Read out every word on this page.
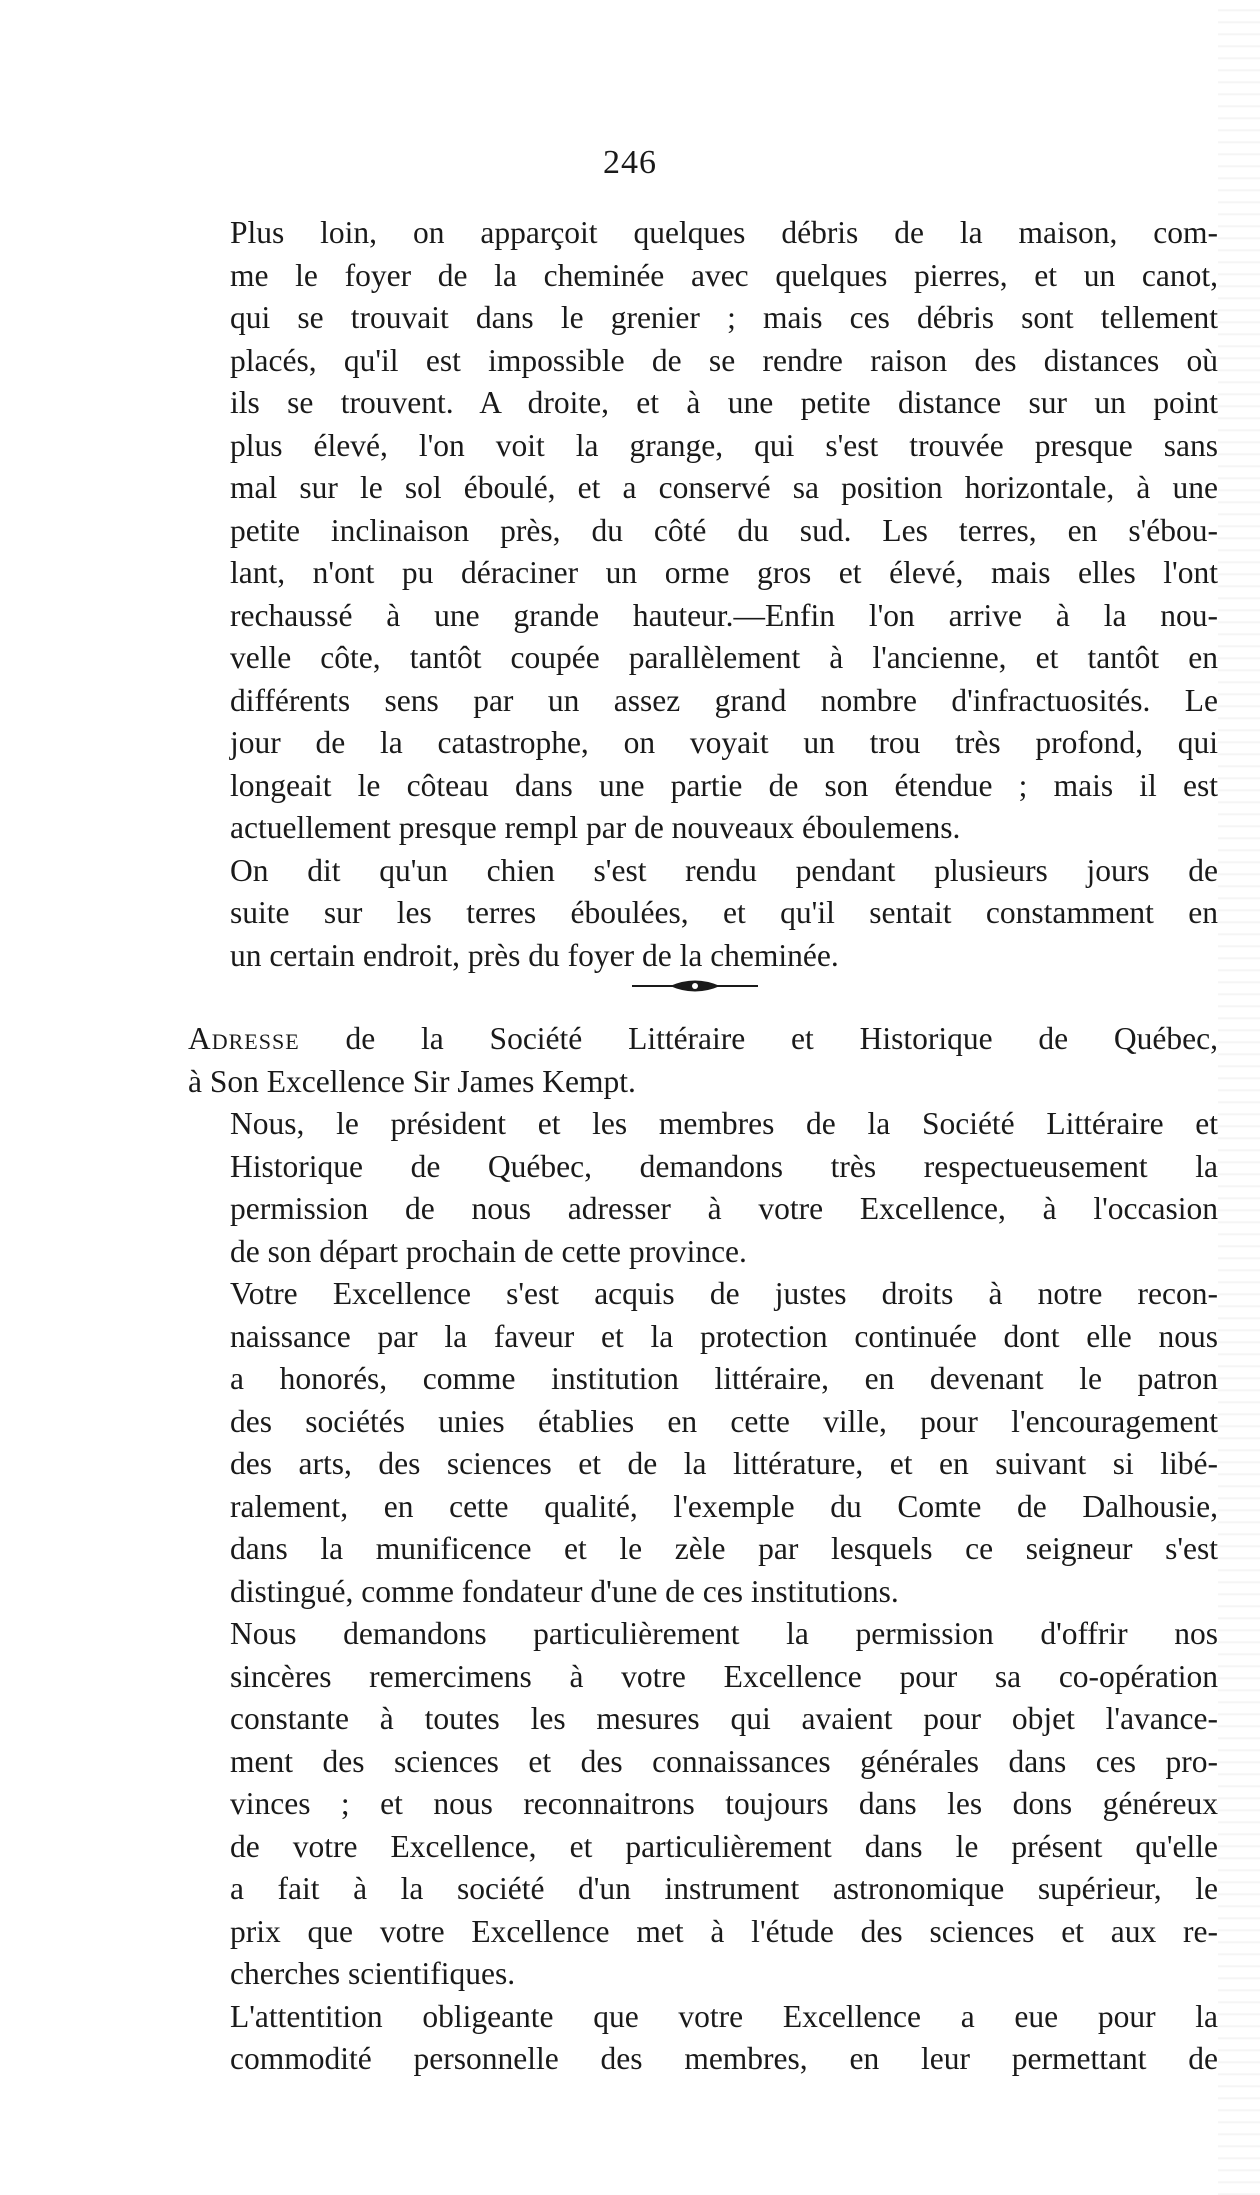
246

Plus loin, on apparçoit quelques débris de la maison, com-
me le foyer de la cheminée avec quelques pierres, et un canot,
qui se trouvait dans le grenier ; mais ces débris sont tellement
placés, qu'il est impossible de se rendre raison des distances où
ils se trouvent. A droite, et à une petite distance sur un point
plus élevé, l'on voit la grange, qui s'est trouvée presque sans
mal sur le sol éboulé, et a conservé sa position horizontale, à une
petite inclinaison près, du côté du sud. Les terres, en s'ébou-
lant, n'ont pu déraciner un orme gros et élevé, mais elles l'ont
rechaussé à une grande hauteur.—Enfin l'on arrive à la nou-
velle côte, tantôt coupée parallèlement à l'ancienne, et tantôt en
différents sens par un assez grand nombre d'infractuosités. Le
jour de la catastrophe, on voyait un trou très profond, qui
longeait le côteau dans une partie de son étendue ; mais il est
actuellement presque rempl par de nouveaux éboulemens.

On dit qu'un chien s'est rendu pendant plusieurs jours de
suite sur les terres éboulées, et qu'il sentait constamment en
un certain endroit, près du foyer de la cheminée.

Adresse de la Société Littéraire et Historique de Québec,
à Son Excellence Sir James Kempt.

Nous, le président et les membres de la Société Littéraire et
Historique de Québec, demandons très respectueusement la
permission de nous adresser à votre Excellence, à l'occasion
de son départ prochain de cette province.

Votre Excellence s'est acquis de justes droits à notre recon-
naissance par la faveur et la protection continuée dont elle nous
a honorés, comme institution littéraire, en devenant le patron
des sociétés unies établies en cette ville, pour l'encouragement
des arts, des sciences et de la littérature, et en suivant si libé-
ralement, en cette qualité, l'exemple du Comte de Dalhousie,
dans la munificence et le zèle par lesquels ce seigneur s'est
distingué, comme fondateur d'une de ces institutions.

Nous demandons particulièrement la permission d'offrir nos
sincères remercimens à votre Excellence pour sa co-opération
constante à toutes les mesures qui avaient pour objet l'avance-
ment des sciences et des connaissances générales dans ces pro-
vinces ; et nous reconnaitrons toujours dans les dons généreux
de votre Excellence, et particulièrement dans le présent qu'elle
a fait à la société d'un instrument astronomique supérieur, le
prix que votre Excellence met à l'étude des sciences et aux re-
cherches scientifiques.

L'attentition obligeante que votre Excellence a eue pour la
commodité personnelle des membres, en leur permettant de
